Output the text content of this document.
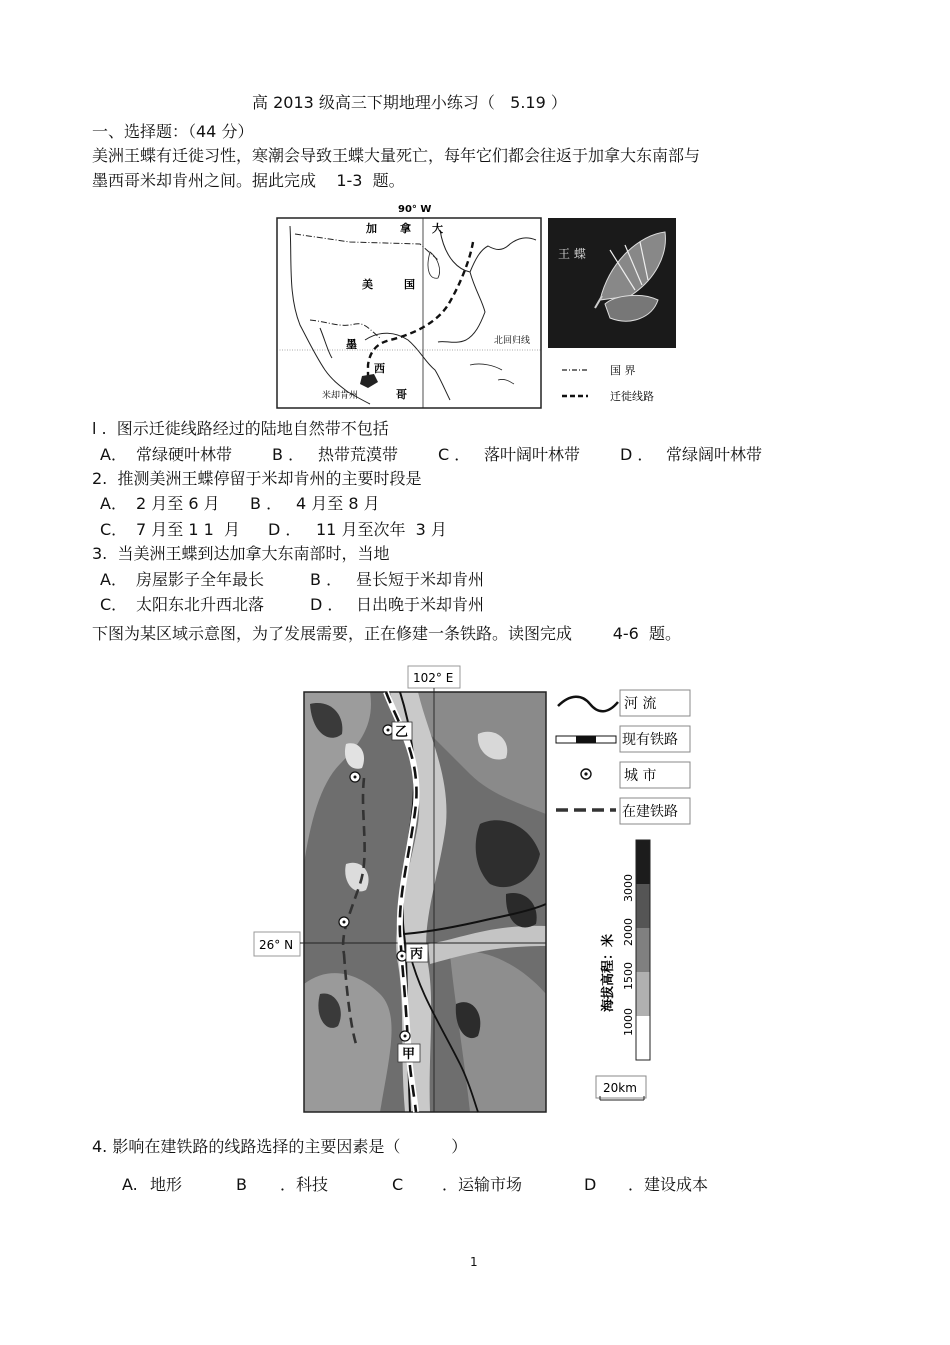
高 2013 级高三下期地理小练习（   5.19 ）
一、选择题：（44 分）
美洲王蝶有迁徙习性，寒潮会导致王蝶大量死亡，每年它们都会往返于加拿大东南部与
墨西哥米却肯州之间。据此完成    1-3  题。
90° W
北回归线
加 拿 大
美	国
墨
西
哥
米却肯州
王 蝶
国 界
迁徙线路
l .  图示迁徙线路经过的陆地自然带不包括
A． 常绿硬叶林带 B ． 热带荒漠带 C ． 落叶阔叶林带 D ． 常绿阔叶林带
2.  推测美洲王蝶停留于米却肯州的主要时段是
A． 2 月至 6 月 B ． 4 月至 8 月
C． 7 月至 1 1  月 D ． 11 月至次年  3 月
3.  当美洲王蝶到达加拿大东南部时，当地
A． 房屋影子全年最长	B ． 昼长短于米却肯州
C． 太阳东北升西北落	D ． 日出晚于米却肯州
下图为某区域示意图，为了发展需要，正在修建一条铁路。读图完成        4-6  题。
102° E
26° N
乙
丙
甲
河 流
现有铁路
城 市
在建铁路
3000
2000
1500
1000
海拔高程：米
20km
4. 影响在建铁路的线路选择的主要因素是（          ）
A. 地形	B ．科技	C ．运输市场	D ．建设成本
1
